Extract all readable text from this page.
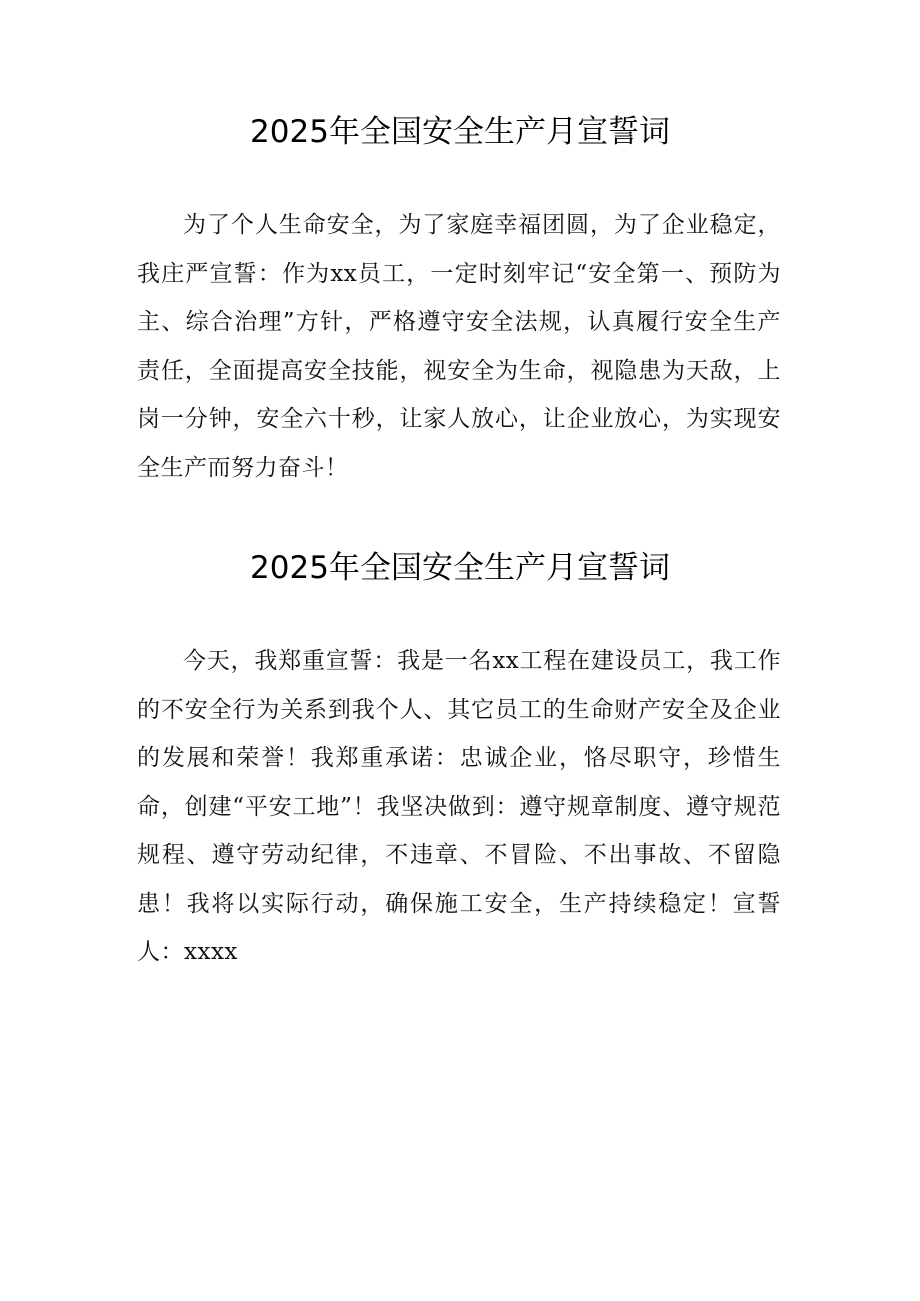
2025年全国安全生产月宣誓词

为了个人生命安全，为了家庭幸福团圆，为了企业稳定，我庄严宣誓：作为xx员工，一定时刻牢记“安全第一、预防为主、综合治理”方针，严格遵守安全法规，认真履行安全生产责任，全面提高安全技能，视安全为生命，视隐患为天敌，上岗一分钟，安全六十秒，让家人放心，让企业放心，为实现安全生产而努力奋斗！

2025年全国安全生产月宣誓词

今天，我郑重宣誓：我是一名xx工程在建设员工，我工作的不安全行为关系到我个人、其它员工的生命财产安全及企业的发展和荣誉！我郑重承诺：忠诚企业，恪尽职守，珍惜生命，创建“平安工地”！我坚决做到：遵守规章制度、遵守规范规程、遵守劳动纪律，不违章、不冒险、不出事故、不留隐患！我将以实际行动，确保施工安全，生产持续稳定！宣誓人：xxxx
